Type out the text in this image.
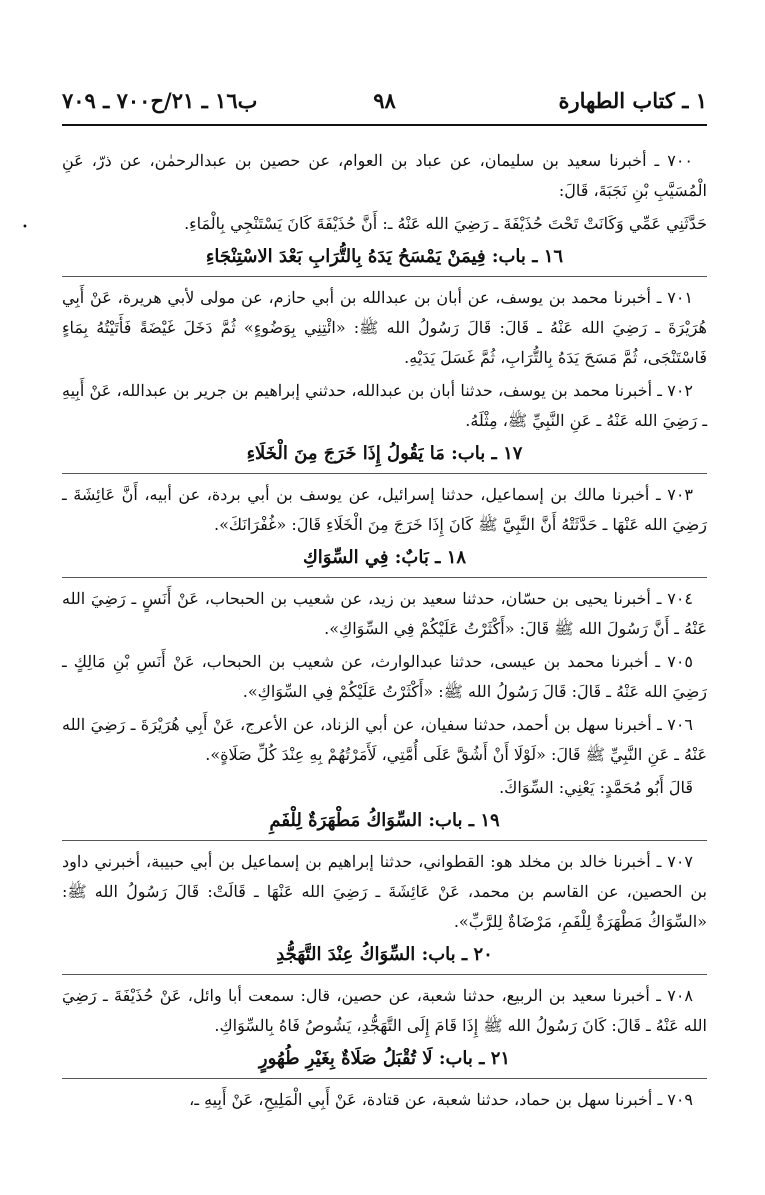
١ ـ كتاب الطهارة
٩٨
ب١٦ ـ ٢١/ح٧٠٠ ـ ٧٠٩
•

٧٠٠ ـ أخبرنا سعيد بن سليمان، عن عباد بن العوام، عن حصين بن عبدالرحمٰن، عن ذرّ، عَنِ الْمُسَيَّبِ بْنِ نَجَبَةَ، قَالَ:

حَدَّثَنِي عَمِّي وَكَانَتْ تَحْتَ حُذَيْفَةَ ـ رَضِيَ الله عَنْهُ ـ: أَنَّ حُذَيْفَةَ كَانَ يَسْتَنْجِي بِالْمَاءِ.

١٦ ـ باب: فِيمَنْ يَمْسَحُ يَدَهُ بِالتُّرَابِ بَعْدَ الاسْتِنْجَاءِ

٧٠١ ـ أخبرنا محمد بن يوسف، عن أبان بن عبدالله بن أبي حازم، عن مولى لأبي هريرة، عَنْ أَبِي هُرَيْرَةَ ـ رَضِيَ الله عَنْهُ ـ قَالَ: قَالَ رَسُولُ الله ﷺ: «ائْتِنِي بِوَضُوءٍ» ثُمَّ دَخَلَ غَيْضَةً فَأَتَيْتُهُ بِمَاءٍ فَاسْتَنْجَى، ثُمَّ مَسَحَ يَدَهُ بِالتُّرَابِ، ثُمَّ غَسَلَ يَدَيْهِ.

٧٠٢ ـ أخبرنا محمد بن يوسف، حدثنا أبان بن عبدالله، حدثني إبراهيم بن جرير بن عبدالله، عَنْ أَبِيهِ ـ رَضِيَ الله عَنْهُ ـ عَنِ النَّبِيِّ ﷺ، مِثْلَهُ.

١٧ ـ باب: مَا يَقُولُ إِذَا خَرَجَ مِنَ الْخَلَاءِ

٧٠٣ ـ أخبرنا مالك بن إسماعيل، حدثنا إسرائيل، عن يوسف بن أبي بردة، عن أبيه، أَنَّ عَائِشَةَ ـ رَضِيَ الله عَنْهَا ـ حَدَّثَتْهُ أَنَّ النَّبِيَّ ﷺ كَانَ إِذَا خَرَجَ مِنَ الْخَلَاءِ قَالَ: «غُفْرَانَكَ».

١٨ ـ بَابٌ: فِي السِّوَاكِ

٧٠٤ ـ أخبرنا يحيى بن حسّان، حدثنا سعيد بن زيد، عن شعيب بن الحبحاب، عَنْ أَنَسٍ ـ رَضِيَ الله عَنْهُ ـ أَنَّ رَسُولَ الله ﷺ قَالَ: «أَكْثَرْتُ عَلَيْكُمْ فِي السِّوَاكِ».

٧٠٥ ـ أخبرنا محمد بن عيسى، حدثنا عبدالوارث، عن شعيب بن الحبحاب، عَنْ أَنَسِ بْنِ مَالِكٍ ـ رَضِيَ الله عَنْهُ ـ قَالَ: قَالَ رَسُولُ الله ﷺ: «أَكْثَرْتُ عَلَيْكُمْ فِي السِّوَاكِ».

٧٠٦ ـ أخبرنا سهل بن أحمد، حدثنا سفيان، عن أبي الزناد، عن الأعرج، عَنْ أَبِي هُرَيْرَةَ ـ رَضِيَ الله عَنْهُ ـ عَنِ النَّبِيِّ ﷺ قَالَ: «لَوْلَا أَنْ أَشُقَّ عَلَى أُمَّتِي، لَأَمَرْتُهُمْ بِهِ عِنْدَ كُلِّ صَلَاةٍ».

قَالَ أَبُو مُحَمَّدٍ: يَعْنِي: السِّوَاكَ.

١٩ ـ باب: السِّوَاكُ مَطْهَرَةٌ لِلْفَمِ

٧٠٧ ـ أخبرنا خالد بن مخلد هو: القطواني، حدثنا إبراهيم بن إسماعيل بن أبي حبيبة، أخبرني داود بن الحصين، عن القاسم بن محمد، عَنْ عَائِشَةَ ـ رَضِيَ الله عَنْهَا ـ قَالَتْ: قَالَ رَسُولُ الله ﷺ: «السِّوَاكُ مَطْهَرَةٌ لِلْفَمِ، مَرْضَاةٌ لِلرَّبِّ».

٢٠ ـ باب: السِّوَاكُ عِنْدَ التَّهَجُّدِ

٧٠٨ ـ أخبرنا سعيد بن الربيع، حدثنا شعبة، عن حصين، قال: سمعت أبا وائل، عَنْ حُذَيْفَةَ ـ رَضِيَ الله عَنْهُ ـ قَالَ: كَانَ رَسُولُ الله ﷺ إِذَا قَامَ إِلَى التَّهَجُّدِ، يَشُوصُ فَاهُ بِالسِّوَاكِ.

٢١ ـ باب: لَا تُقْبَلُ صَلَاةٌ بِغَيْرِ طُهُورٍ

٧٠٩ ـ أخبرنا سهل بن حماد، حدثنا شعبة، عن قتادة، عَنْ أَبِي الْمَلِيحِ، عَنْ أَبِيهِ ـ،
